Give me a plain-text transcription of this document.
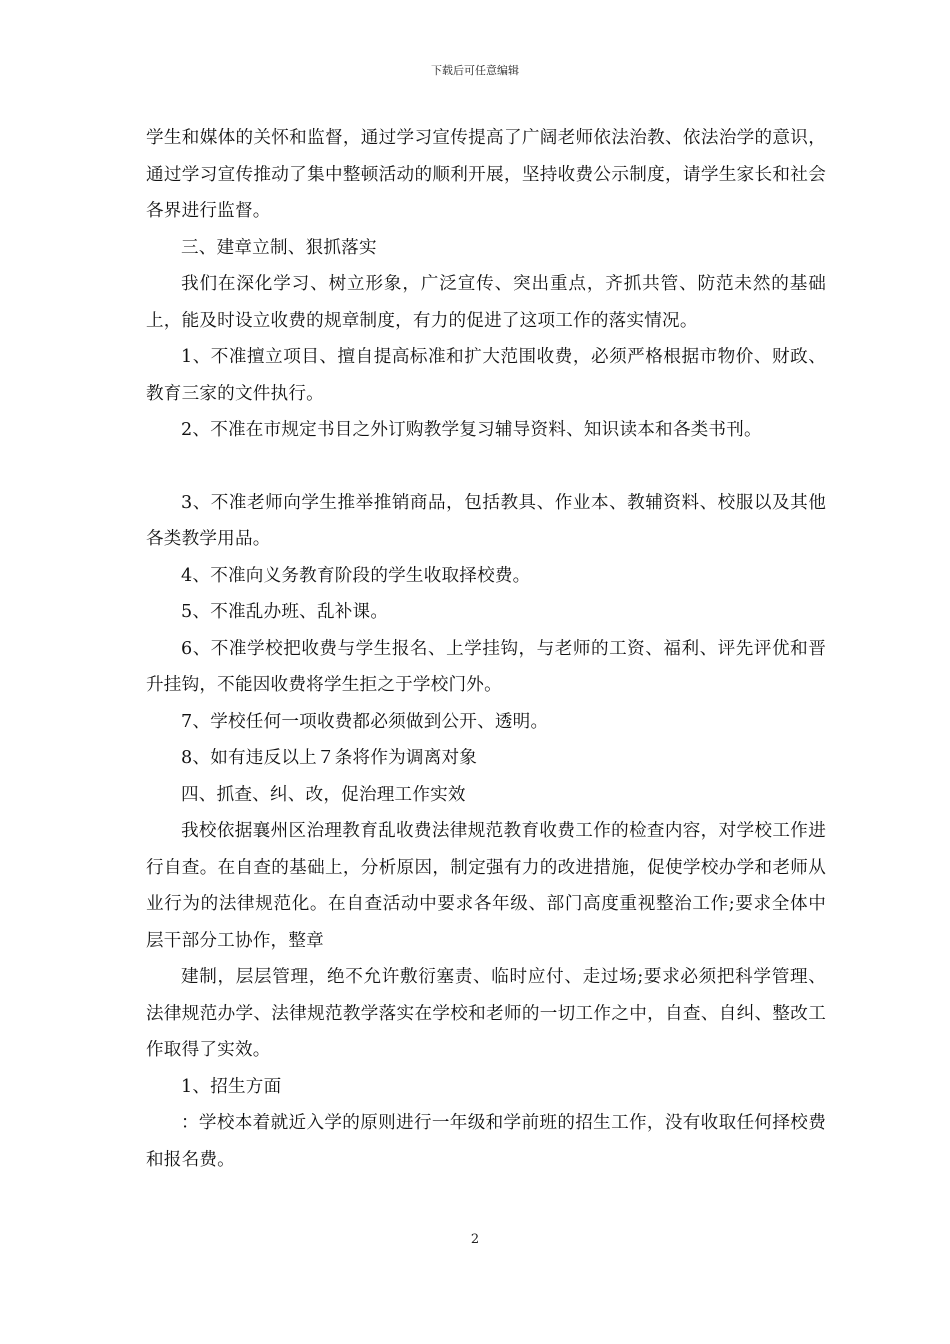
下载后可任意编辑

学生和媒体的关怀和监督，通过学习宣传提高了广阔老师依法治教、依法治学的意识，通过学习宣传推动了集中整顿活动的顺利开展，坚持收费公示制度，请学生家长和社会各界进行监督。

三、建章立制、狠抓落实

我们在深化学习、树立形象，广泛宣传、突出重点，齐抓共管、防范未然的基础上，能及时设立收费的规章制度，有力的促进了这项工作的落实情况。

1、不准擅立项目、擅自提高标准和扩大范围收费，必须严格根据市物价、财政、教育三家的文件执行。

2、不准在市规定书目之外订购教学复习辅导资料、知识读本和各类书刊。

3、不准老师向学生推举推销商品，包括教具、作业本、教辅资料、校服以及其他各类教学用品。

4、不准向义务教育阶段的学生收取择校费。

5、不准乱办班、乱补课。

6、不准学校把收费与学生报名、上学挂钩，与老师的工资、福利、评先评优和晋升挂钩，不能因收费将学生拒之于学校门外。

7、学校任何一项收费都必须做到公开、透明。

8、如有违反以上７条将作为调离对象

四、抓查、纠、改，促治理工作实效

我校依据襄州区治理教育乱收费法律规范教育收费工作的检查内容，对学校工作进行自查。在自查的基础上，分析原因，制定强有力的改进措施，促使学校办学和老师从业行为的法律规范化。在自查活动中要求各年级、部门高度重视整治工作;要求全体中层干部分工协作，整章

建制，层层管理，绝不允许敷衍塞责、临时应付、走过场;要求必须把科学管理、法律规范办学、法律规范教学落实在学校和老师的一切工作之中，自查、自纠、整改工作取得了实效。

1、招生方面

：学校本着就近入学的原则进行一年级和学前班的招生工作，没有收取任何择校费和报名费。

2
